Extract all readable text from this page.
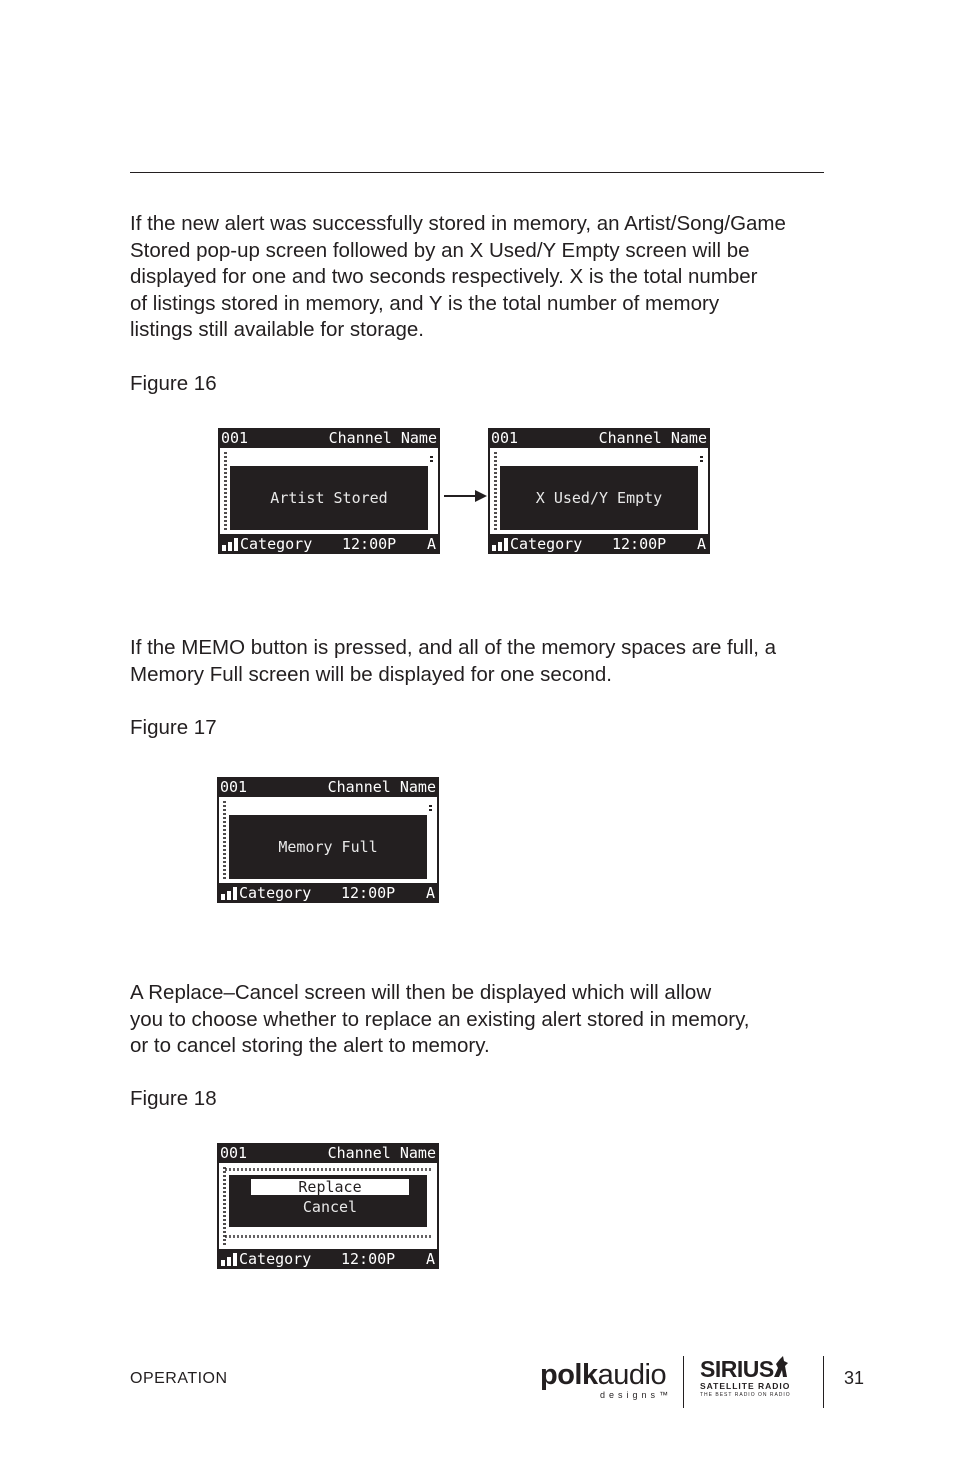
If the new alert was successfully stored in memory, an Artist/Song/Game
Stored pop-up screen followed by an X Used/Y Empty screen will be
displayed for one and two seconds respectively. X is the total number
of listings stored in memory, and Y is the total number of memory
listings still available for storage.
Figure 16
001	Channel Name
Artist Stored
Category 12:00P A
001	Channel Name
X Used/Y Empty
Category 12:00P A
If the MEMO button is pressed, and all of the memory spaces are full, a
Memory Full screen will be displayed for one second.
Figure 17
001	Channel Name
Memory Full
Category 12:00P A
A Replace–Cancel screen will then be displayed which will allow
you to choose whether to replace an existing alert stored in memory,
or to cancel storing the alert to memory.
Figure 18
001	Channel Name
Replace
Cancel
Category 12:00P A
OPERATION	polkaudio
designs™
SIRIUS
SATELLITE RADIO
THE BEST RADIO ON RADIO
31
